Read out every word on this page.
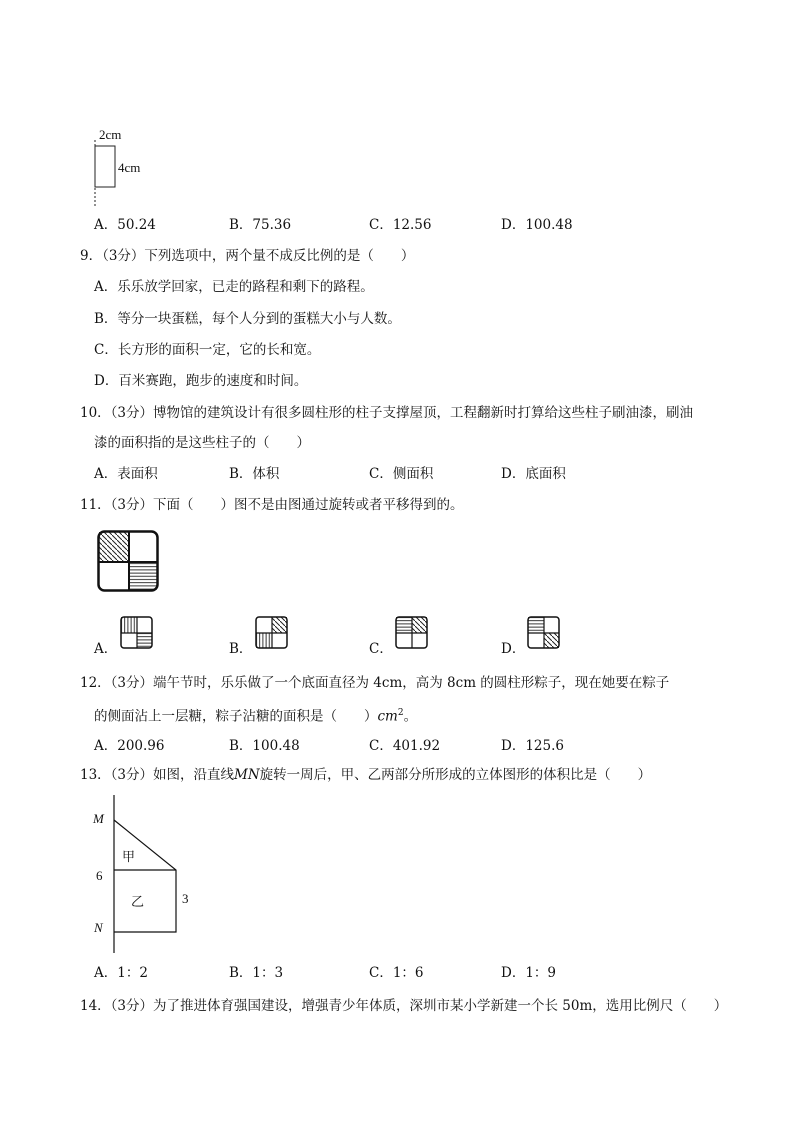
2cm
4cm
A．50.24	B．75.36	C．12.56	D．100.48
9．（3分）下列选项中，两个量不成反比例的是（　　）
A．乐乐放学回家，已走的路程和剩下的路程。
B．等分一块蛋糕，每个人分到的蛋糕大小与人数。
C．长方形的面积一定，它的长和宽。
D．百米赛跑，跑步的速度和时间。
10．（3分）博物馆的建筑设计有很多圆柱形的柱子支撑屋顶，工程翻新时打算给这些柱子刷油漆，刷油
漆的面积指的是这些柱子的（　　）
A．表面积	B．体积	C．侧面积	D．底面积
11．（3分）下面（　　）图不是由图通过旋转或者平移得到的。
A．	B．	C．	D．
12．（3分）端午节时，乐乐做了一个底面直径为 4cm，高为 8cm 的圆柱形粽子，现在她要在粽子
的侧面沾上一层糖，粽子沾糖的面积是（　　）$cm^2$。
A．200.96	B．100.48	C．401.92	D．125.6
13．（3分）如图，沿直线MN旋转一周后，甲、乙两部分所形成的立体图形的体积比是（　　）
M
6
N
3
甲
乙
A．1：2	B．1：3	C．1：6	D．1：9
14．（3分）为了推进体育强国建设，增强青少年体质，深圳市某小学新建一个长 50m，选用比例尺（　　）
